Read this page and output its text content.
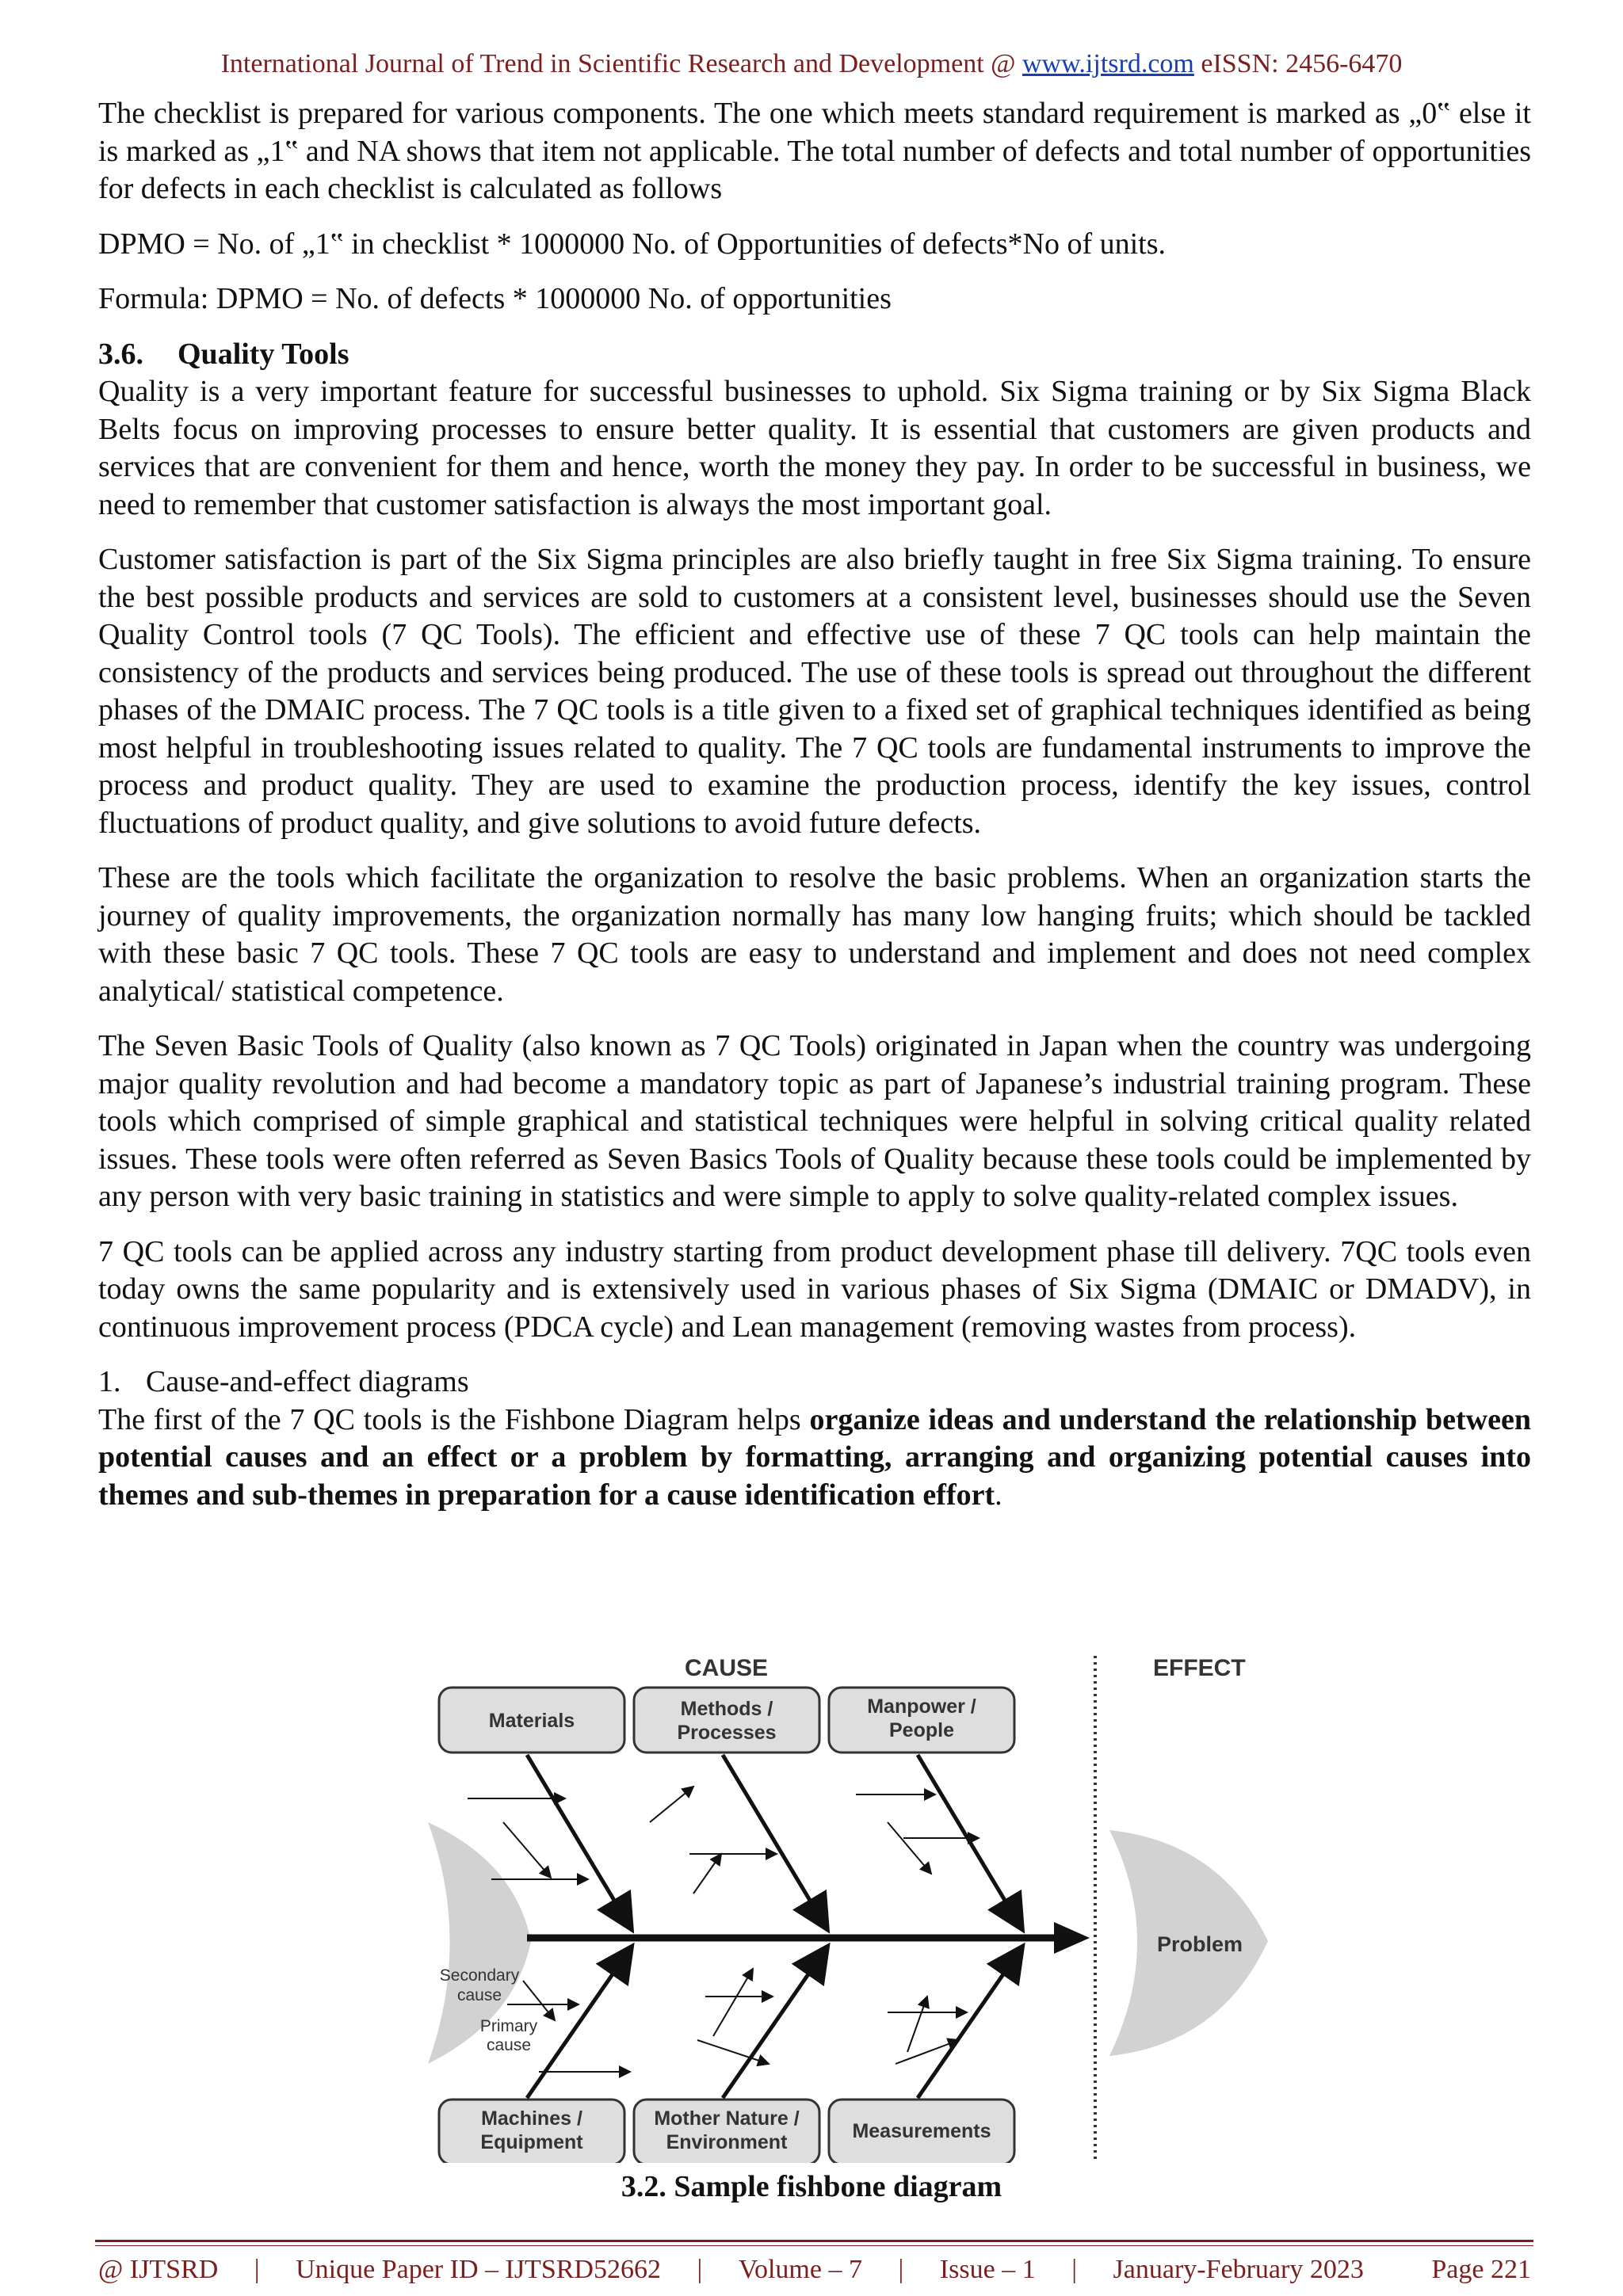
International Journal of Trend in Scientific Research and Development @ www.ijtsrd.com eISSN: 2456-6470

The checklist is prepared for various components. The one which meets standard requirement is marked as „0‟ else it is marked as „1‟ and NA shows that item not applicable. The total number of defects and total number of opportunities for defects in each checklist is calculated as follows

DPMO = No. of „1‟ in checklist * 1000000 No. of Opportunities of defects*No of units.

Formula: DPMO = No. of defects * 1000000 No. of opportunities

3.6. Quality Tools

Quality is a very important feature for successful businesses to uphold. Six Sigma training or by Six Sigma Black Belts focus on improving processes to ensure better quality. It is essential that customers are given products and services that are convenient for them and hence, worth the money they pay. In order to be successful in business, we need to remember that customer satisfaction is always the most important goal.

Customer satisfaction is part of the Six Sigma principles are also briefly taught in free Six Sigma training. To ensure the best possible products and services are sold to customers at a consistent level, businesses should use the Seven Quality Control tools (7 QC Tools). The efficient and effective use of these 7 QC tools can help maintain the consistency of the products and services being produced. The use of these tools is spread out throughout the different phases of the DMAIC process. The 7 QC tools is a title given to a fixed set of graphical techniques identified as being most helpful in troubleshooting issues related to quality. The 7 QC tools are fundamental instruments to improve the process and product quality. They are used to examine the production process, identify the key issues, control fluctuations of product quality, and give solutions to avoid future defects.

These are the tools which facilitate the organization to resolve the basic problems. When an organization starts the journey of quality improvements, the organization normally has many low hanging fruits; which should be tackled with these basic 7 QC tools. These 7 QC tools are easy to understand and implement and does not need complex analytical/ statistical competence.

The Seven Basic Tools of Quality (also known as 7 QC Tools) originated in Japan when the country was undergoing major quality revolution and had become a mandatory topic as part of Japanese’s industrial training program. These tools which comprised of simple graphical and statistical techniques were helpful in solving critical quality related issues. These tools were often referred as Seven Basics Tools of Quality because these tools could be implemented by any person with very basic training in statistics and were simple to apply to solve quality-related complex issues.

7 QC tools can be applied across any industry starting from product development phase till delivery. 7QC tools even today owns the same popularity and is extensively used in various phases of Six Sigma (DMAIC or DMADV), in continuous improvement process (PDCA cycle) and Lean management (removing wastes from process).

1. Cause-and-effect diagrams

The first of the 7 QC tools is the Fishbone Diagram helps organize ideas and understand the relationship between potential causes and an effect or a problem by formatting, arranging and organizing potential causes into themes and sub-themes in preparation for a cause identification effort.

CAUSE	EFFECT
Materials
Methods /
Processes
Manpower /
People
Machines /
Equipment
Mother Nature /
Environment	Measurements
Secondary
cause
Primary
cause
Problem
3.2. Sample fishbone diagram
@ IJTSRD | Unique Paper ID – IJTSRD52662 | Volume – 7 | Issue – 1 | January-February 2023	Page 221
